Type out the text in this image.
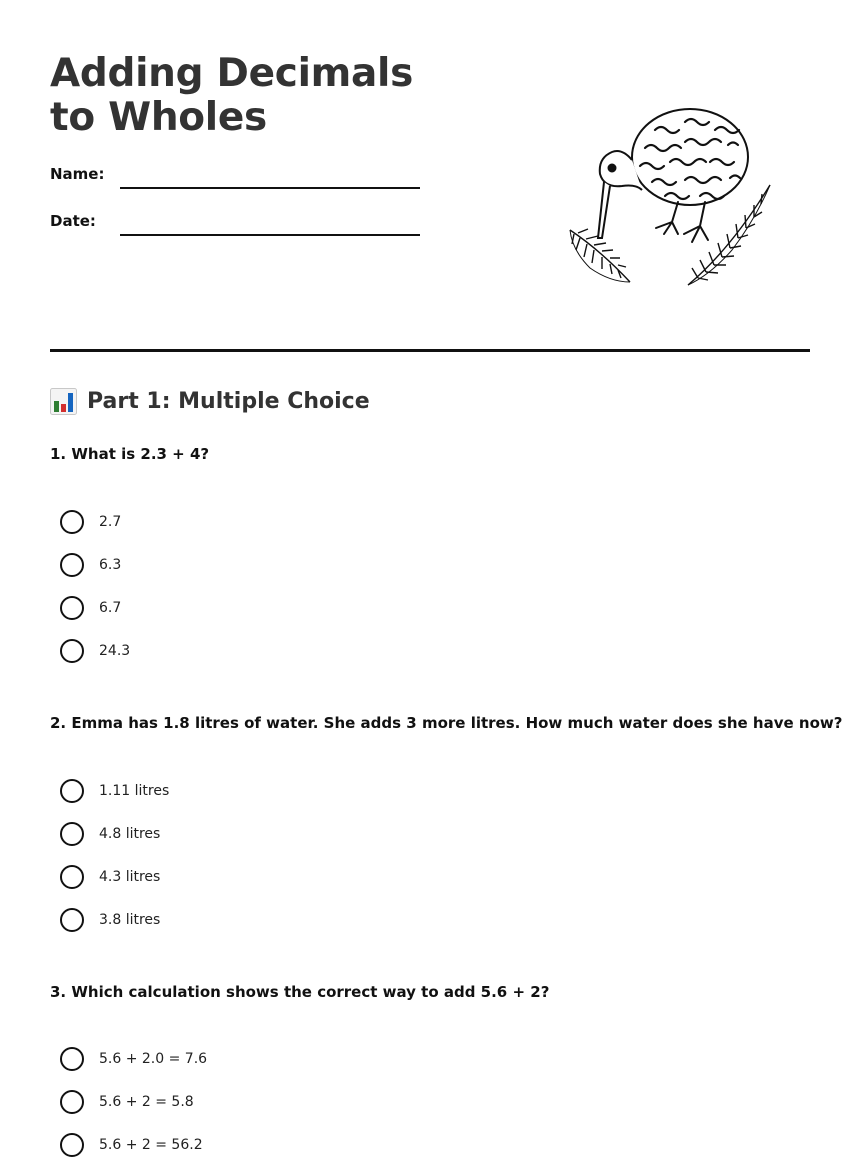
Adding Decimals to Wholes
Name:
Date:
Part 1: Multiple Choice

1. What is 2.3 + 4?

2.7
6.3
6.7
24.3

2. Emma has 1.8 litres of water. She adds 3 more litres. How much water does she have now?

1.11 litres
4.8 litres
4.3 litres
3.8 litres

3. Which calculation shows the correct way to add 5.6 + 2?

5.6 + 2.0 = 7.6
5.6 + 2 = 5.8
5.6 + 2 = 56.2
